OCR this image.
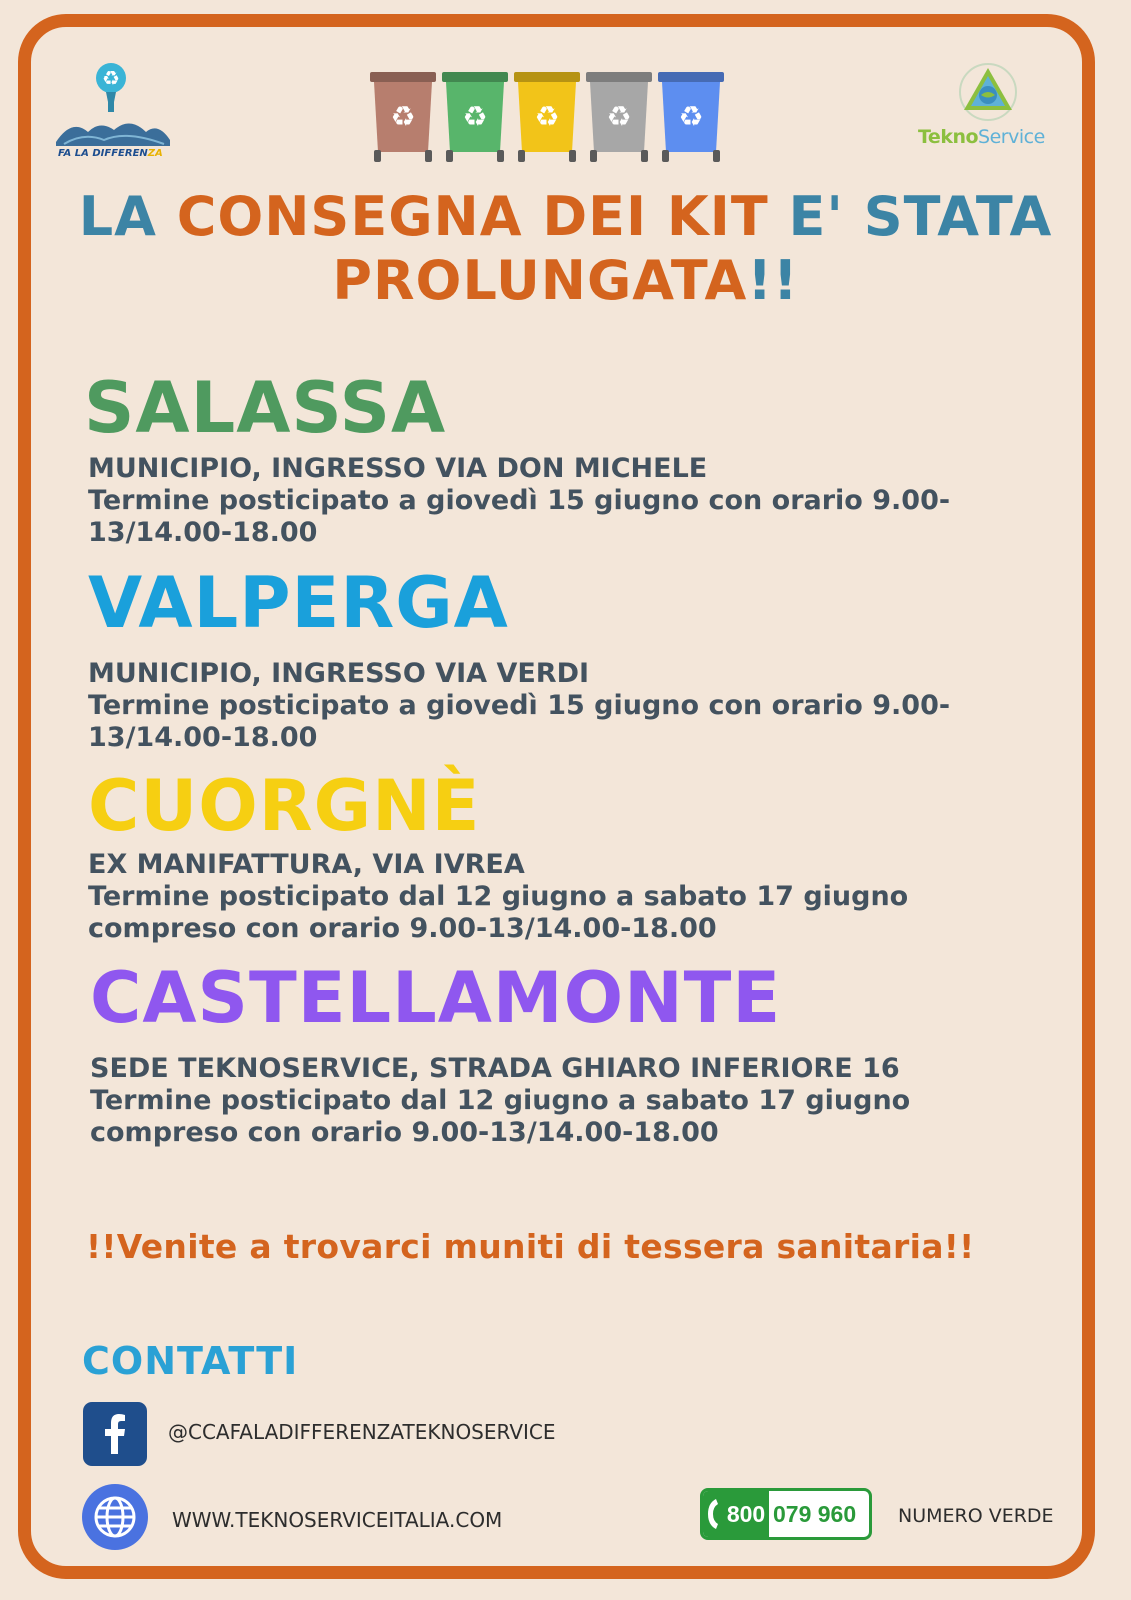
♻
FA LA DIFFERENZA
♻ ♻ ♻ ♻ ♻
TeknoService
LA CONSEGNA DEI KIT E' STATA
PROLUNGATA!!
SALASSA
MUNICIPIO, INGRESSO VIA DON MICHELE
Termine posticipato a giovedì 15 giugno con orario 9.00-
13/14.00-18.00
VALPERGA
MUNICIPIO, INGRESSO VIA VERDI
Termine posticipato a giovedì 15 giugno con orario 9.00-
13/14.00-18.00
CUORGNÈ
EX MANIFATTURA, VIA IVREA
Termine posticipato dal 12 giugno a sabato 17 giugno
compreso con orario 9.00-13/14.00-18.00
CASTELLAMONTE
SEDE TEKNOSERVICE, STRADA GHIARO INFERIORE 16
Termine posticipato dal 12 giugno a sabato 17 giugno
compreso con orario 9.00-13/14.00-18.00
!!Venite a trovarci muniti di tessera sanitaria!!
CONTATTI
@CCAFALADIFFERENZATEKNOSERVICE
WWW.TEKNOSERVICEITALIA.COM	800 079 960 NUMERO VERDE
